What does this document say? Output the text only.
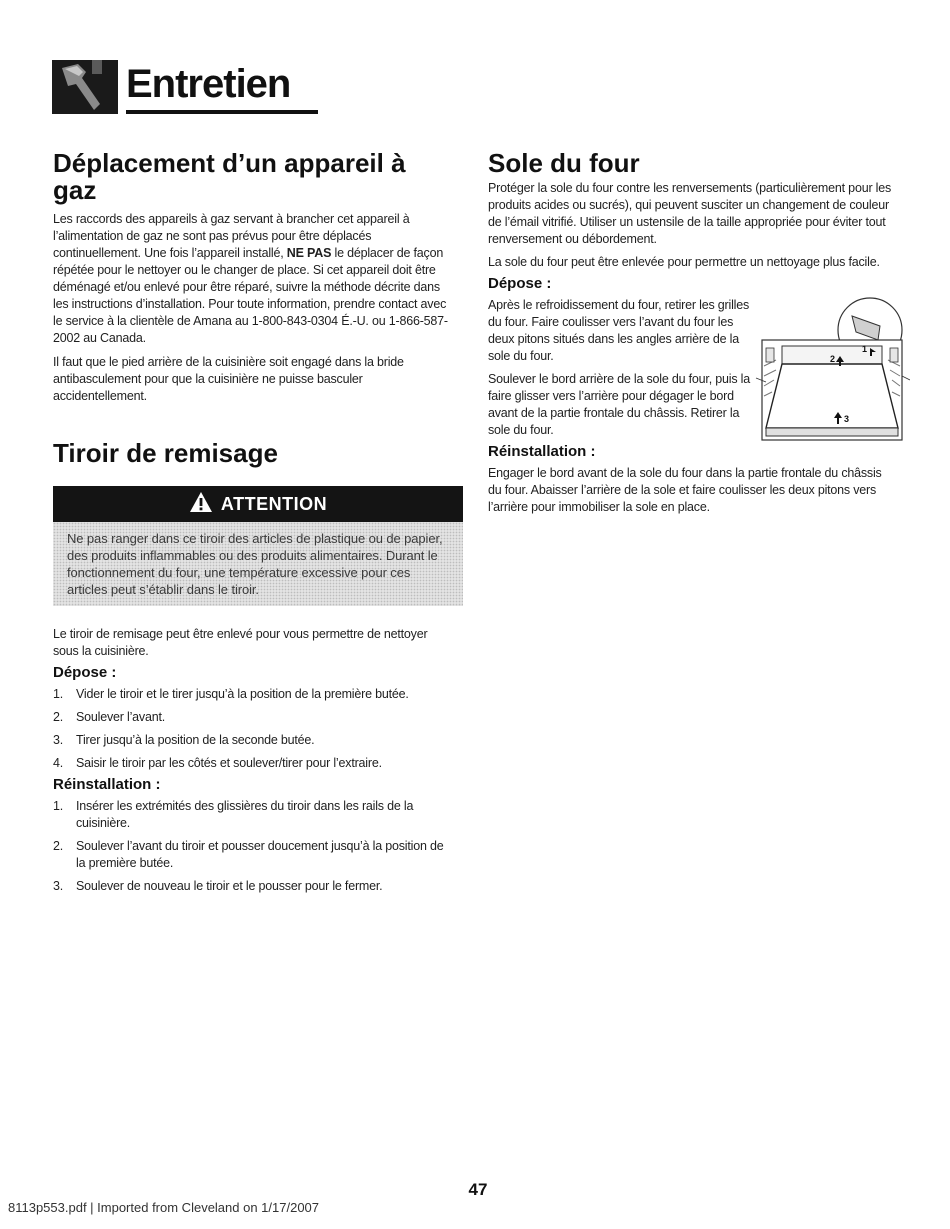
Entretien
Déplacement d’un appareil à gaz

Les raccords des appareils à gaz servant à brancher cet appareil à l’alimentation de gaz ne sont pas prévus pour être déplacés continuellement. Une fois l’appareil installé, NE PAS le déplacer de façon répétée pour le nettoyer ou le changer de place. Si cet appareil doit être déménagé et/ou enlevé pour être réparé, suivre la méthode décrite dans les instructions d’installation. Pour toute information, prendre contact avec le service à la clientèle de Amana au 1-800-843-0304 É.-U. ou 1-866-587-2002 au Canada.

Il faut que le pied arrière de la cuisinière soit engagé dans la bride antibasculement pour que la cuisinière ne puisse basculer accidentellement.

Tiroir de remisage
ATTENTION
Ne pas ranger dans ce tiroir des articles de plastique ou de papier, des produits inflammables ou des produits alimentaires. Durant le fonctionnement du four, une température excessive pour ces articles peut s’établir dans le tiroir.

Le tiroir de remisage peut être enlevé pour vous permettre de nettoyer sous la cuisinière.

Dépose :
1. Vider le tiroir et le tirer jusqu’à la position de la première butée.
2. Soulever l’avant.
3. Tirer jusqu’à la position de la seconde butée.
4. Saisir le tiroir par les côtés et soulever/tirer pour l’extraire.
Réinstallation :
1. Insérer les extrémités des glissières du tiroir dans les rails de la cuisinière.
2. Soulever l’avant du tiroir et pousser doucement jusqu’à la position de la première butée.
3. Soulever de nouveau le tiroir et le pousser pour le fermer.
Sole du four

Protéger la sole du four contre les renversements (particulièrement pour les produits acides ou sucrés), qui peuvent susciter un changement de couleur de l’émail vitrifié. Utiliser un ustensile de la taille appropriée pour éviter tout renversement ou débordement.

La sole du four peut être enlevée pour permettre un nettoyage plus facile.

Dépose :

Après le refroidissement du four, retirer les grilles du four. Faire coulisser vers l’avant du four les deux pitons situés dans les angles arrière de la sole du four.

Soulever le bord arrière de la sole du four, puis la faire glisser vers l’arrière pour dégager le bord avant de la partie frontale du châssis. Retirer la sole du four.

Réinstallation :

Engager le bord avant de la sole du four dans la partie frontale du châssis du four. Abaisser l’arrière de la sole et faire coulisser les deux pitons vers l’arrière pour immobiliser la sole en place.

1
2
3
47
8113p553.pdf | Imported from Cleveland on 1/17/2007
